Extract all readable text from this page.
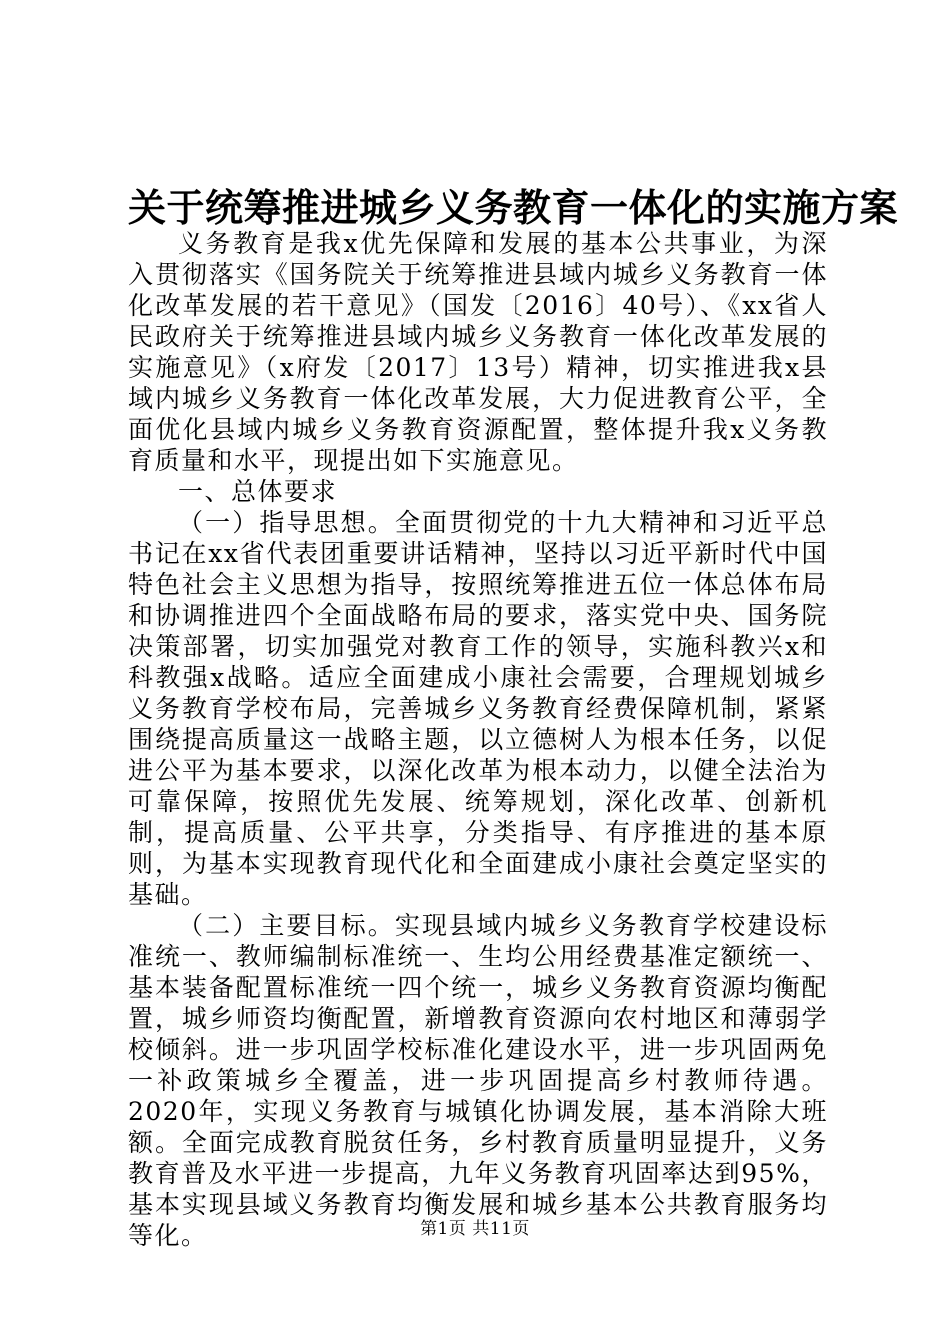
关于统筹推进城乡义务教育一体化的实施方案

义务教育是我x优先保障和发展的基本公共事业，为深入贯彻落实《国务院关于统筹推进县域内城乡义务教育一体化改革发展的若干意见》（国发〔2016〕40号）、《xx省人民政府关于统筹推进县域内城乡义务教育一体化改革发展的实施意见》（x府发〔2017〕13号）精神，切实推进我x县域内城乡义务教育一体化改革发展，大力促进教育公平，全面优化县域内城乡义务教育资源配置，整体提升我x义务教育质量和水平，现提出如下实施意见。

一、总体要求

（一）指导思想。全面贯彻党的十九大精神和习近平总书记在xx省代表团重要讲话精神，坚持以习近平新时代中国特色社会主义思想为指导，按照统筹推进五位一体总体布局和协调推进四个全面战略布局的要求，落实党中央、国务院决策部署，切实加强党对教育工作的领导，实施科教兴x和科教强x战略。适应全面建成小康社会需要，合理规划城乡义务教育学校布局，完善城乡义务教育经费保障机制，紧紧围绕提高质量这一战略主题，以立德树人为根本任务，以促进公平为基本要求，以深化改革为根本动力，以健全法治为可靠保障，按照优先发展、统筹规划，深化改革、创新机制，提高质量、公平共享，分类指导、有序推进的基本原则，为基本实现教育现代化和全面建成小康社会奠定坚实的基础。

（二）主要目标。实现县域内城乡义务教育学校建设标准统一、教师编制标准统一、生均公用经费基准定额统一、基本装备配置标准统一四个统一，城乡义务教育资源均衡配置，城乡师资均衡配置，新增教育资源向农村地区和薄弱学校倾斜。进一步巩固学校标准化建设水平，进一步巩固两免一补政策城乡全覆盖，进一步巩固提高乡村教师待遇。2020年，实现义务教育与城镇化协调发展，基本消除大班额。全面完成教育脱贫任务，乡村教育质量明显提升，义务教育普及水平进一步提高，九年义务教育巩固率达到95%，基本实现县域义务教育均衡发展和城乡基本公共教育服务均等化。	第1页 共11页
